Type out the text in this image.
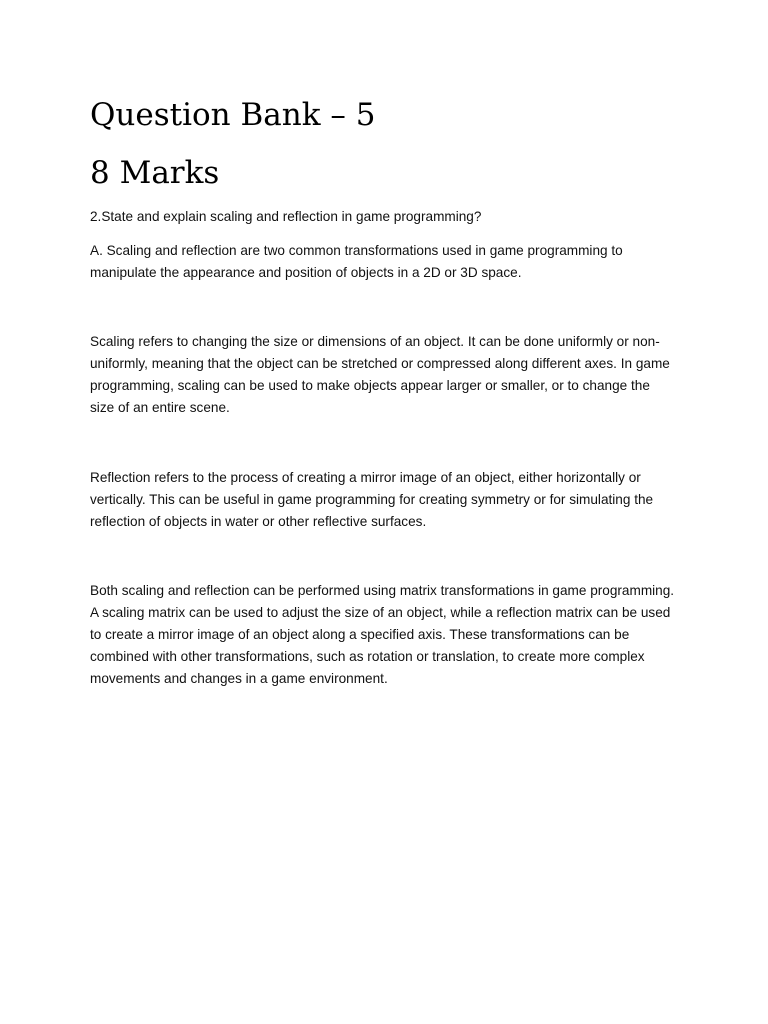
Question Bank – 5
8 Marks

2.State and explain scaling and reflection in game programming?

A. Scaling and reflection are two common transformations used in game programming to manipulate the appearance and position of objects in a 2D or 3D space.

Scaling refers to changing the size or dimensions of an object. It can be done uniformly or non-uniformly, meaning that the object can be stretched or compressed along different axes. In game programming, scaling can be used to make objects appear larger or smaller, or to change the size of an entire scene.

Reflection refers to the process of creating a mirror image of an object, either horizontally or vertically. This can be useful in game programming for creating symmetry or for simulating the reflection of objects in water or other reflective surfaces.

Both scaling and reflection can be performed using matrix transformations in game programming. A scaling matrix can be used to adjust the size of an object, while a reflection matrix can be used to create a mirror image of an object along a specified axis. These transformations can be combined with other transformations, such as rotation or translation, to create more complex movements and changes in a game environment.
